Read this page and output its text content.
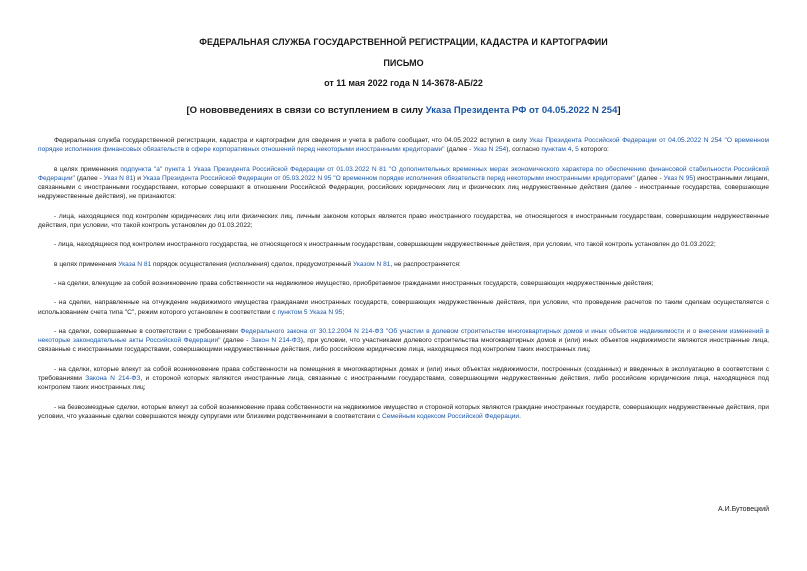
ФЕДЕРАЛЬНАЯ СЛУЖБА ГОСУДАРСТВЕННОЙ РЕГИСТРАЦИИ, КАДАСТРА И КАРТОГРАФИИ
ПИСЬМО
от 11 мая 2022 года N 14-3678-АБ/22
[О нововведениях в связи со вступлением в силу Указа Президента РФ от 04.05.2022 N 254]

Федеральная служба государственной регистрации, кадастра и картографии для сведения и учета в работе сообщает, что 04.05.2022 вступил в силу Указ Президента Российской Федерации от 04.05.2022 N 254 "О временном порядке исполнения финансовых обязательств в сфере корпоративных отношений перед некоторыми иностранными кредиторами" (далее - Указ N 254), согласно пунктам 4, 5 которого:

в целях применения подпункта "а" пункта 1 Указа Президента Российской Федерации от 01.03.2022 N 81 "О дополнительных временных мерах экономического характера по обеспечению финансовой стабильности Российской Федерации" (далее - Указ N 81) и Указа Президента Российской Федерации от 05.03.2022 N 95 "О временном порядке исполнения обязательств перед некоторыми иностранными кредиторами" (далее - Указ N 95) иностранными лицами, связанными с иностранными государствами, которые совершают в отношении Российской Федерации, российских юридических лиц и физических лиц недружественные действия (далее - иностранные государства, совершающие недружественные действия), не признаются:

- лица, находящиеся под контролем юридических лиц или физических лиц, личным законом которых является право иностранного государства, не относящегося к иностранным государствам, совершающим недружественные действия, при условии, что такой контроль установлен до 01.03.2022;

- лица, находящиеся под контролем иностранного государства, не относящегося к иностранным государствам, совершающим недружественные действия, при условии, что такой контроль установлен до 01.03.2022;

в целях применения Указа N 81 порядок осуществления (исполнения) сделок, предусмотренный Указом N 81, не распространяется:

- на сделки, влекущие за собой возникновение права собственности на недвижимое имущество, приобретаемое гражданами иностранных государств, совершающих недружественные действия;

- на сделки, направленные на отчуждение недвижимого имущества гражданами иностранных государств, совершающих недружественные действия, при условии, что проведение расчетов по таким сделкам осуществляется с использованием счета типа "С", режим которого установлен в соответствии с пунктом 5 Указа N 95;

- на сделки, совершаемые в соответствии с требованиями Федерального закона от 30.12.2004 N 214-ФЗ "Об участии в долевом строительстве многоквартирных домов и иных объектов недвижимости и о внесении изменений в некоторые законодательные акты Российской Федерации" (далее - Закон N 214-ФЗ), при условии, что участниками долевого строительства многоквартирных домов и (или) иных объектов недвижимости являются иностранные лица, связанные с иностранными государствами, совершающими недружественные действия, либо российские юридические лица, находящиеся под контролем таких иностранных лиц;

- на сделки, которые влекут за собой возникновение права собственности на помещения в многоквартирных домах и (или) иных объектах недвижимости, построенных (созданных) и введенных в эксплуатацию в соответствии с требованиями Закона N 214-ФЗ, и стороной которых являются иностранные лица, связанные с иностранными государствами, совершающими недружественные действия, либо российские юридические лица, находящиеся под контролем таких иностранных лиц;

- на безвозмездные сделки, которые влекут за собой возникновение права собственности на недвижимое имущество и стороной которых являются граждане иностранных государств, совершающих недружественные действия, при условии, что указанные сделки совершаются между супругами или близкими родственниками в соответствии с Семейным кодексом Российской Федерации.

А.И.Бутовецкий
